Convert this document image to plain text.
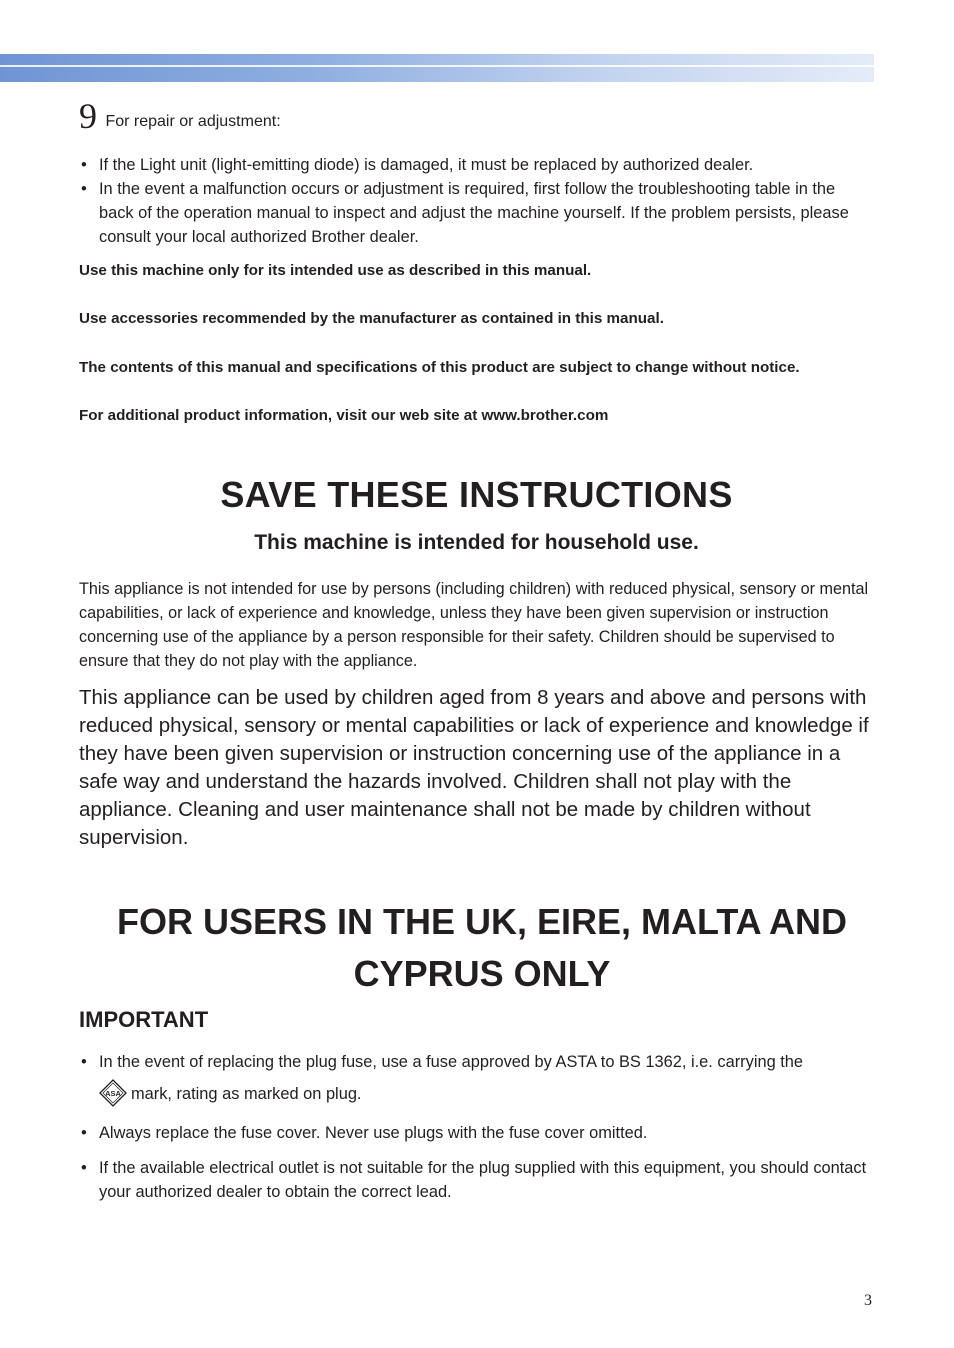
9 For repair or adjustment:
• If the Light unit (light-emitting diode) is damaged, it must be replaced by authorized dealer.
• In the event a malfunction occurs or adjustment is required, first follow the troubleshooting table in the back of the operation manual to inspect and adjust the machine yourself. If the problem persists, please consult your local authorized Brother dealer.
Use this machine only for its intended use as described in this manual.
Use accessories recommended by the manufacturer as contained in this manual.
The contents of this manual and specifications of this product are subject to change without notice.
For additional product information, visit our web site at www.brother.com
SAVE THESE INSTRUCTIONS
This machine is intended for household use.
This appliance is not intended for use by persons (including children) with reduced physical, sensory or mental capabilities, or lack of experience and knowledge, unless they have been given supervision or instruction concerning use of the appliance by a person responsible for their safety. Children should be supervised to ensure that they do not play with the appliance.
This appliance can be used by children aged from 8 years and above and persons with reduced physical, sensory or mental capabilities or lack of experience and knowledge if they have been given supervision or instruction concerning use of the appliance in a safe way and understand the hazards involved. Children shall not play with the appliance. Cleaning and user maintenance shall not be made by children without supervision.
FOR USERS IN THE UK, EIRE, MALTA AND
CYPRUS ONLY
IMPORTANT
• In the event of replacing the plug fuse, use a fuse approved by ASTA to BS 1362, i.e. carrying the
ASA mark, rating as marked on plug.
• Always replace the fuse cover. Never use plugs with the fuse cover omitted.
• If the available electrical outlet is not suitable for the plug supplied with this equipment, you should contact your authorized dealer to obtain the correct lead.
3
